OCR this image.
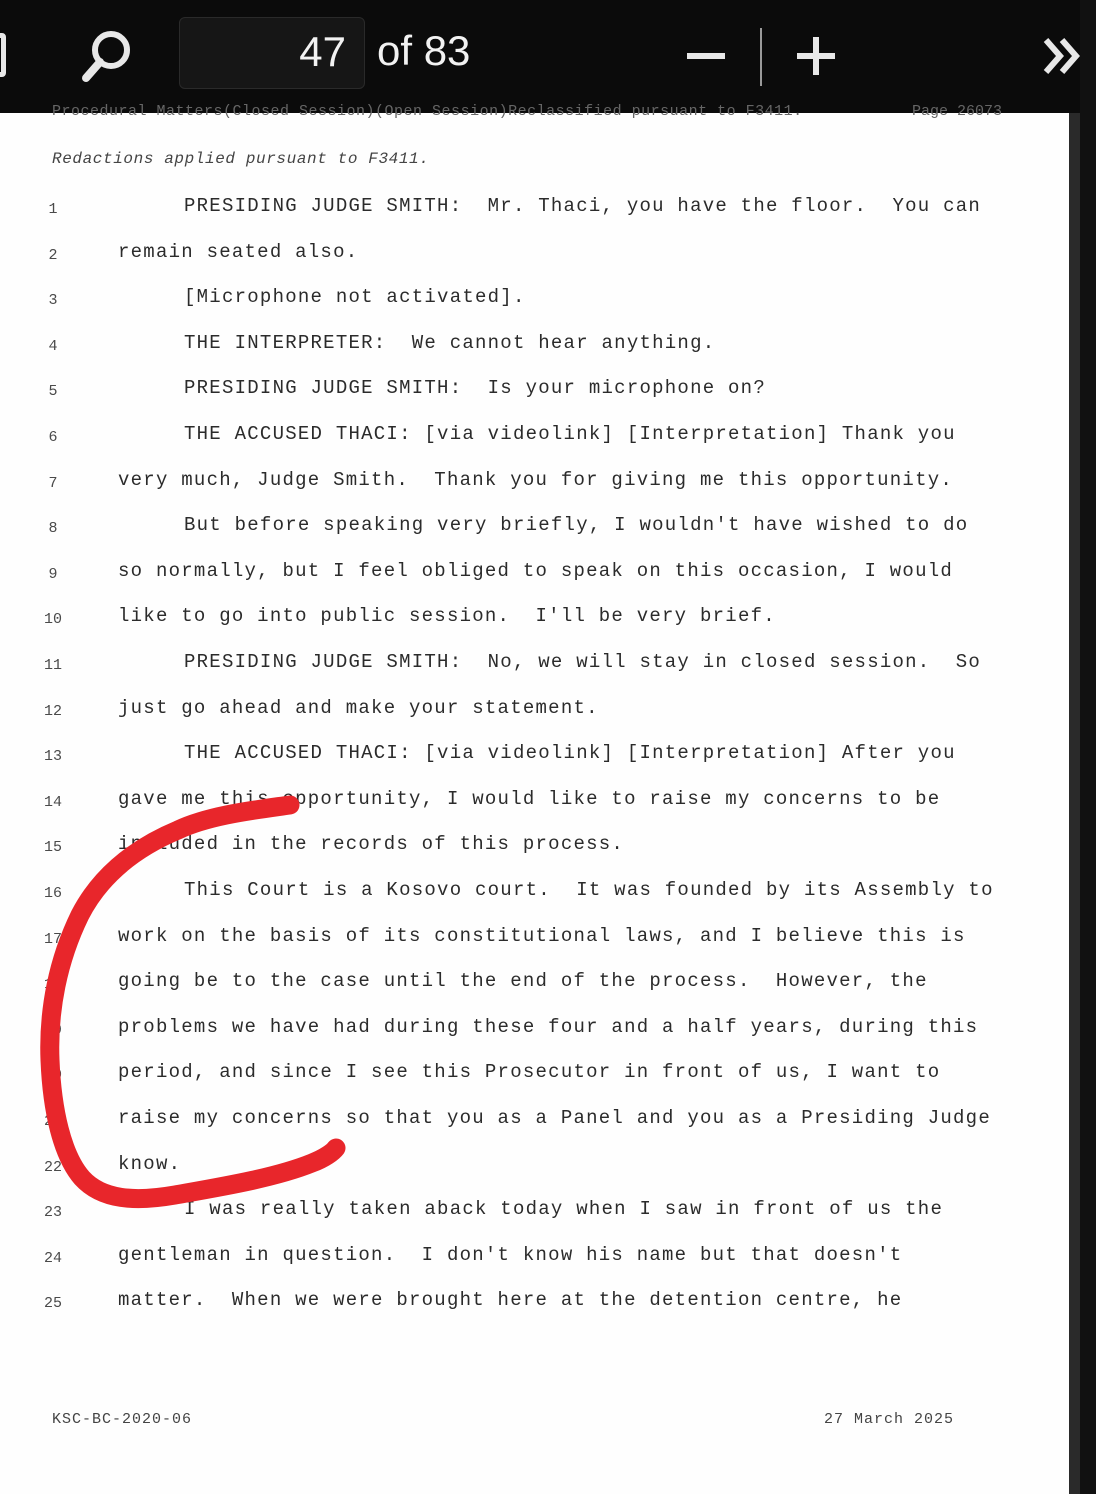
47
of 83
Procedural Matters(Closed Session)(Open Session)Reclassified pursuant to F3411.	Page 26073
Redactions applied pursuant to F3411.
1	PRESIDING JUDGE SMITH:  Mr. Thaci, you have the floor.  You can
2	remain seated also.
3	[Microphone not activated].
4	THE INTERPRETER:  We cannot hear anything.
5	PRESIDING JUDGE SMITH:  Is your microphone on?
6	THE ACCUSED THACI: [via videolink] [Interpretation] Thank you
7	very much, Judge Smith.  Thank you for giving me this opportunity.
8	But before speaking very briefly, I wouldn't have wished to do
9	so normally, but I feel obliged to speak on this occasion, I would
10	like to go into public session.  I'll be very brief.
11	PRESIDING JUDGE SMITH:  No, we will stay in closed session.  So
12	just go ahead and make your statement.
13	THE ACCUSED THACI: [via videolink] [Interpretation] After you
14	gave me this opportunity, I would like to raise my concerns to be
15	included in the records of this process.
16	This Court is a Kosovo court.  It was founded by its Assembly to
17	work on the basis of its constitutional laws, and I believe this is
18	going be to the case until the end of the process.  However, the
19	problems we have had during these four and a half years, during this
20	period, and since I see this Prosecutor in front of us, I want to
21	raise my concerns so that you as a Panel and you as a Presiding Judge
22	know.
23	I was really taken aback today when I saw in front of us the
24	gentleman in question.  I don't know his name but that doesn't
25	matter.  When we were brought here at the detention centre, he
KSC-BC-2020-06	27 March 2025
